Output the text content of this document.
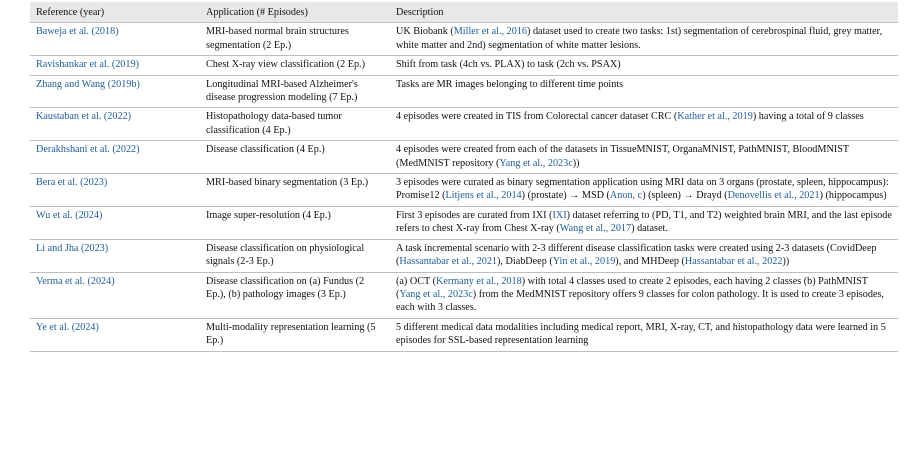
Reference (year)	Application (# Episodes)	Description
Baweja et al. (2018)	MRI-based normal brain structures segmentation (2 Ep.)	UK Biobank (Miller et al., 2016) dataset used to create two tasks: 1st) segmentation of cerebrospinal fluid, grey matter, white matter and 2nd) segmentation of white matter lesions.
Ravishankar et al. (2019)	Chest X-ray view classification (2 Ep.)	Shift from task (4ch vs. PLAX) to task (2ch vs. PSAX)
Zhang and Wang (2019b)	Longitudinal MRI-based Alzheimer's disease progression modeling (7 Ep.)	Tasks are MR images belonging to different time points
Kaustaban et al. (2022)	Histopathology data-based tumor classification (4 Ep.)	4 episodes were created in TIS from Colorectal cancer dataset CRC (Kather et al., 2019) having a total of 9 classes
Derakhshani et al. (2022)	Disease classification (4 Ep.)	4 episodes were created from each of the datasets in TissueMNIST, OrganaMNIST, PathMNIST, BloodMNIST (MedMNIST repository (Yang et al., 2023c))
Bera et al. (2023)	MRI-based binary segmentation (3 Ep.)	3 episodes were curated as binary segmentation application using MRI data on 3 organs (prostate, spleen, hippocampus): Promise12 (Litjens et al., 2014) (prostate) → MSD (Anon, c) (spleen) → Drayd (Denovellis et al., 2021) (hippocampus)
Wu et al. (2024)	Image super-resolution (4 Ep.)	First 3 episodes are curated from IXI (IXI) dataset referring to (PD, T1, and T2) weighted brain MRI, and the last episode refers to chest X-ray from Chest X-ray (Wang et al., 2017) dataset.
Li and Jha (2023)	Disease classification on physiological signals (2-3 Ep.)	A task incremental scenario with 2-3 different disease classification tasks were created using 2-3 datasets (CovidDeep (Hassantabar et al., 2021), DiabDeep (Yin et al., 2019), and MHDeep (Hassantabar et al., 2022))
Verma et al. (2024)	Disease classification on (a) Fundus (2 Ep.), (b) pathology images (3 Ep.)	(a) OCT (Kermany et al., 2018) with total 4 classes used to create 2 episodes, each having 2 classes (b) PathMNIST (Yang et al., 2023c) from the MedMNIST repository offers 9 classes for colon pathology. It is used to create 3 episodes, each with 3 classes.
Ye et al. (2024)	Multi-modality representation learning (5 Ep.)	5 different medical data modalities including medical report, MRI, X-ray, CT, and histopathology data were learned in 5 episodes for SSL-based representation learning
